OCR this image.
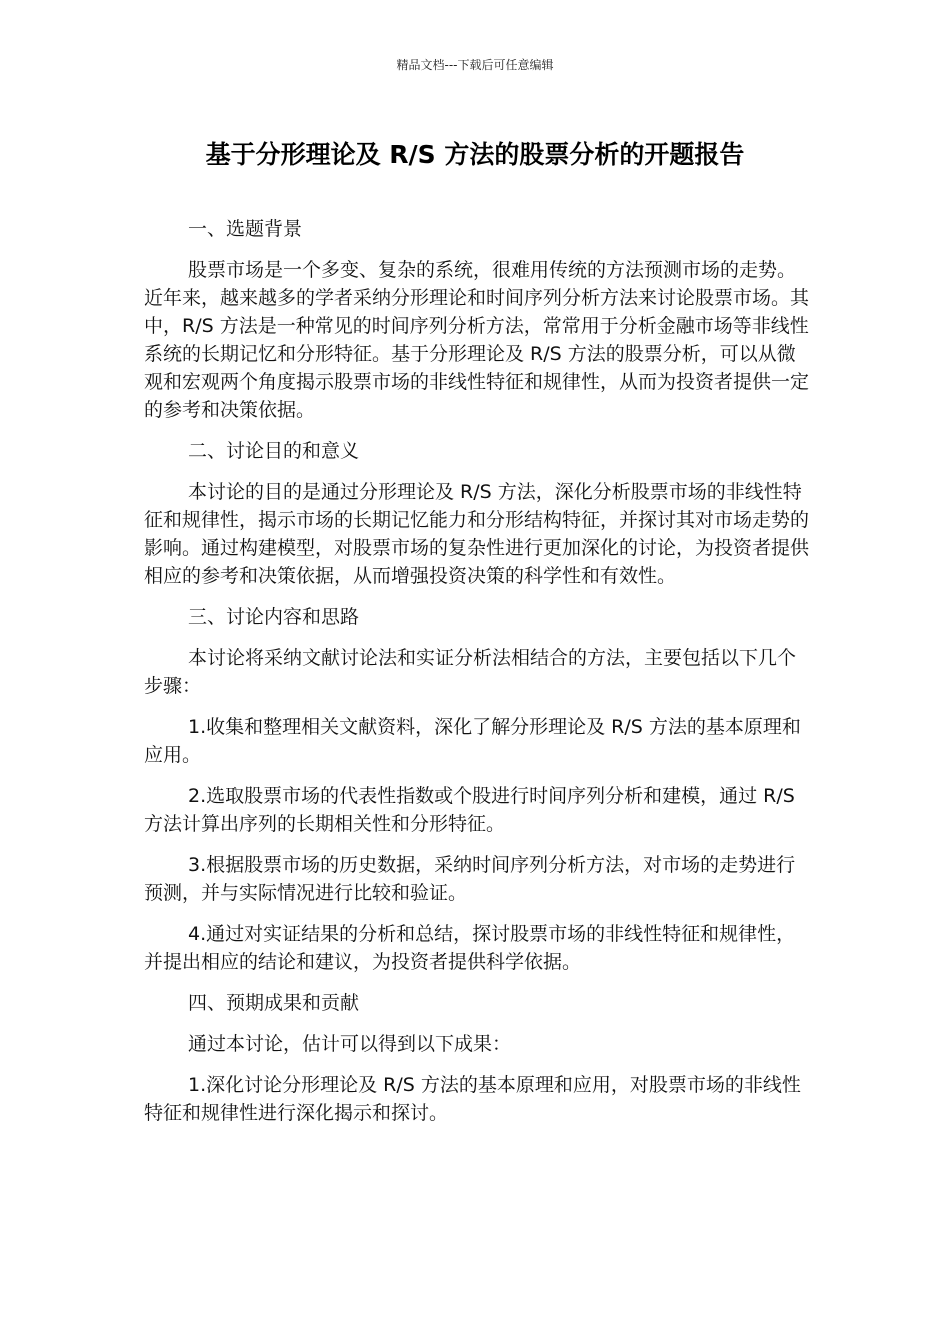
精品文档---下载后可任意编辑
基于分形理论及 R/S 方法的股票分析的开题报告

一、选题背景

股票市场是一个多变、复杂的系统，很难用传统的方法预测市场的走势。近年来，越来越多的学者采纳分形理论和时间序列分析方法来讨论股票市场。其中，R/S 方法是一种常见的时间序列分析方法，常常用于分析金融市场等非线性系统的长期记忆和分形特征。基于分形理论及 R/S 方法的股票分析，可以从微观和宏观两个角度揭示股票市场的非线性特征和规律性，从而为投资者提供一定的参考和决策依据。

二、讨论目的和意义

本讨论的目的是通过分形理论及 R/S 方法，深化分析股票市场的非线性特征和规律性，揭示市场的长期记忆能力和分形结构特征，并探讨其对市场走势的影响。通过构建模型，对股票市场的复杂性进行更加深化的讨论，为投资者提供相应的参考和决策依据，从而增强投资决策的科学性和有效性。

三、讨论内容和思路

本讨论将采纳文献讨论法和实证分析法相结合的方法，主要包括以下几个步骤：

1.收集和整理相关文献资料，深化了解分形理论及 R/S 方法的基本原理和应用。

2.选取股票市场的代表性指数或个股进行时间序列分析和建模，通过 R/S 方法计算出序列的长期相关性和分形特征。

3.根据股票市场的历史数据，采纳时间序列分析方法，对市场的走势进行预测，并与实际情况进行比较和验证。

4.通过对实证结果的分析和总结，探讨股票市场的非线性特征和规律性，并提出相应的结论和建议，为投资者提供科学依据。

四、预期成果和贡献

通过本讨论，估计可以得到以下成果：

1.深化讨论分形理论及 R/S 方法的基本原理和应用，对股票市场的非线性特征和规律性进行深化揭示和探讨。
